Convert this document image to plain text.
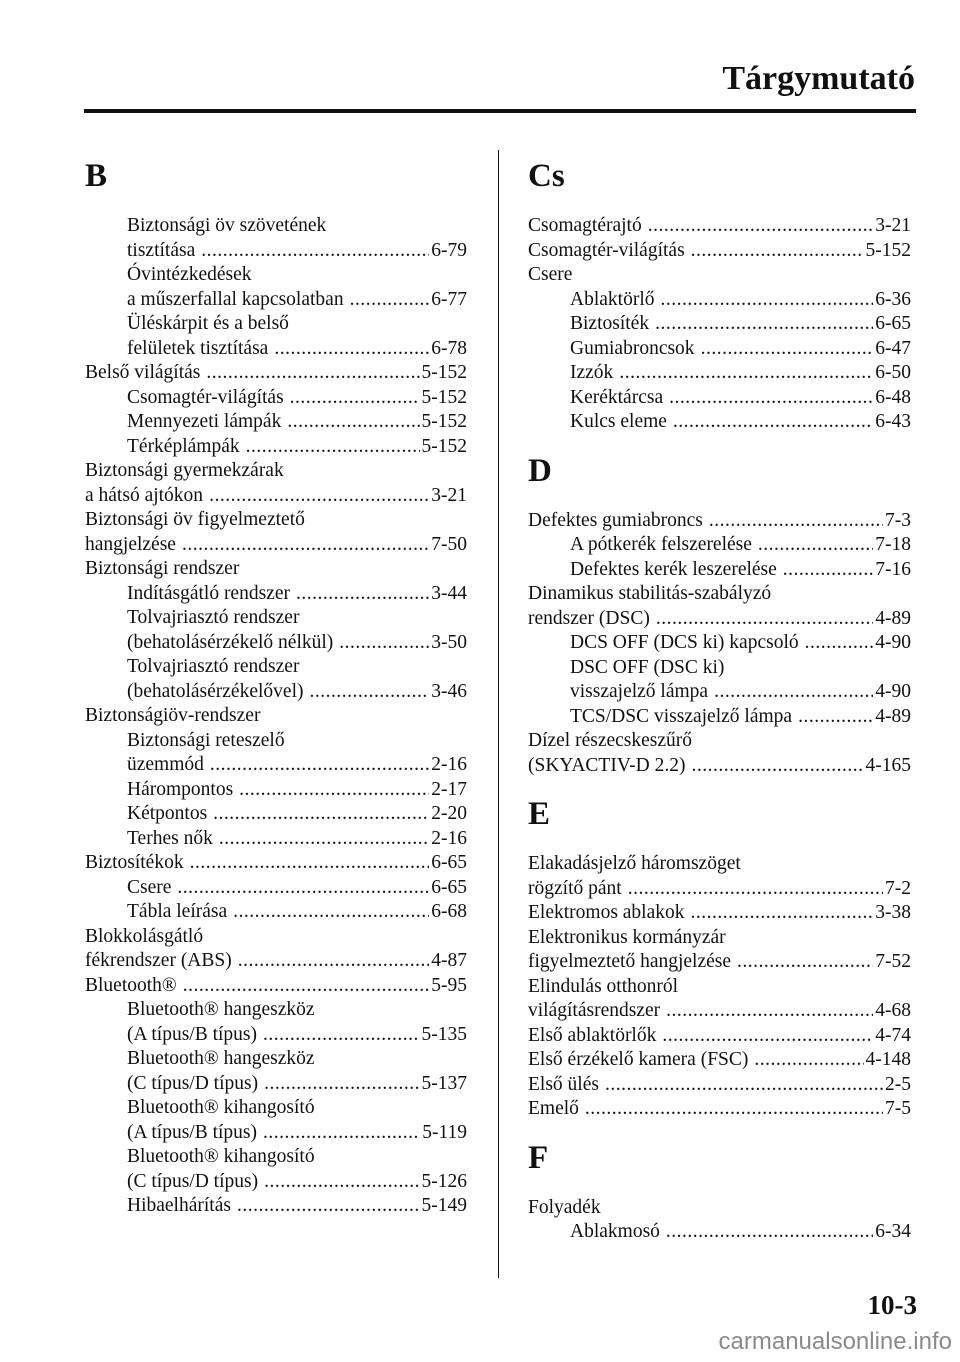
Tárgymutató
B
Biztonsági öv szövetének
tisztítása .....	6-79
Óvintézkedések
a műszerfallal kapcsolatban .....	6-77
Üléskárpit és a belső
felületek tisztítása .....	6-78
Belső világítás .....	5-152
Csomagtér-világítás .....	5-152
Mennyezeti lámpák .....	5-152
Térképlámpák .....	5-152
Biztonsági gyermekzárak
a hátsó ajtókon .....	3-21
Biztonsági öv figyelmeztető
hangjelzése .....	7-50
Biztonsági rendszer
Indításgátló rendszer .....	3-44
Tolvajriasztó rendszer
(behatolásérzékelő nélkül) .....	3-50
Tolvajriasztó rendszer
(behatolásérzékelővel) .....	3-46
Biztonságiöv-rendszer
Biztonsági reteszelő
üzemmód .....	2-16
Hárompontos .....	2-17
Kétpontos .....	2-20
Terhes nők .....	2-16
Biztosítékok .....	6-65
Csere .....	6-65
Tábla leírása .....	6-68
Blokkolásgátló
fékrendszer (ABS) .....	4-87
Bluetooth® .....	5-95
Bluetooth® hangeszköz
(A típus/B típus) .....	5-135
Bluetooth® hangeszköz
(C típus/D típus) .....	5-137
Bluetooth® kihangosító
(A típus/B típus) .....	5-119
Bluetooth® kihangosító
(C típus/D típus) .....	5-126
Hibaelhárítás .....	5-149
Cs
Csomagtérajtó .....	3-21
Csomagtér-világítás .....	5-152
Csere
Ablaktörlő .....	6-36
Biztosíték .....	6-65
Gumiabroncsok .....	6-47
Izzók .....	6-50
Keréktárcsa .....	6-48
Kulcs eleme .....	6-43
D
Defektes gumiabroncs .....	7-3
A pótkerék felszerelése .....	7-18
Defektes kerék leszerelése .....	7-16
Dinamikus stabilitás-szabályzó
rendszer (DSC) .....	4-89
DCS OFF (DCS ki) kapcsoló .....	4-90
DSC OFF (DSC ki)
visszajelző lámpa .....	4-90
TCS/DSC visszajelző lámpa .....	4-89
Dízel részecskeszűrő
(SKYACTIV-D 2.2) .....	4-165
E
Elakadásjelző háromszöget
rögzítő pánt .....	7-2
Elektromos ablakok .....	3-38
Elektronikus kormányzár
figyelmeztető hangjelzése .....	7-52
Elindulás otthonról
világításrendszer .....	4-68
Első ablaktörlők .....	4-74
Első érzékelő kamera (FSC) .....	4-148
Első ülés .....	2-5
Emelő .....	7-5
F
Folyadék
Ablakmosó .....	6-34
10-3
carmanualsonline.info
